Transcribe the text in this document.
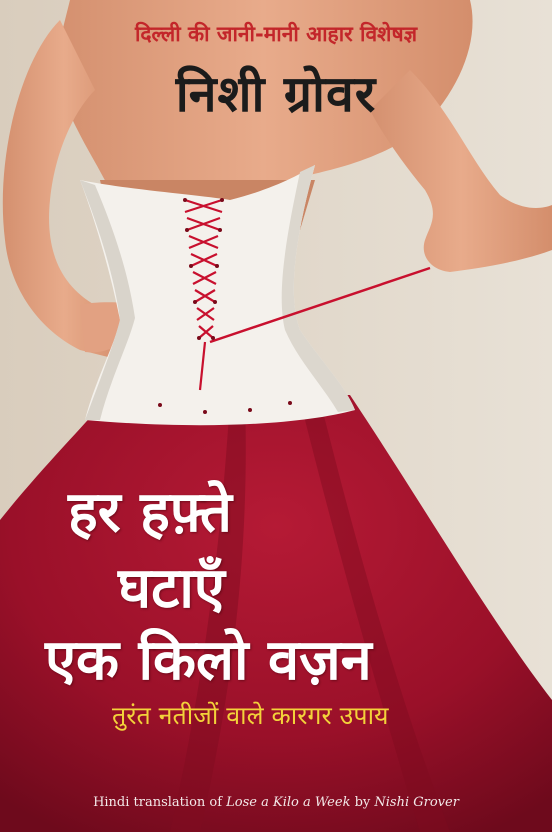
दिल्ली की जानी-मानी आहार विशेषज्ञ
निशी ग्रोवर
हर हफ़्ते
घटाएँ
एक किलो वज़न
तुरंत नतीजों वाले कारगर उपाय
Hindi translation of Lose a Kilo a Week by Nishi Grover
